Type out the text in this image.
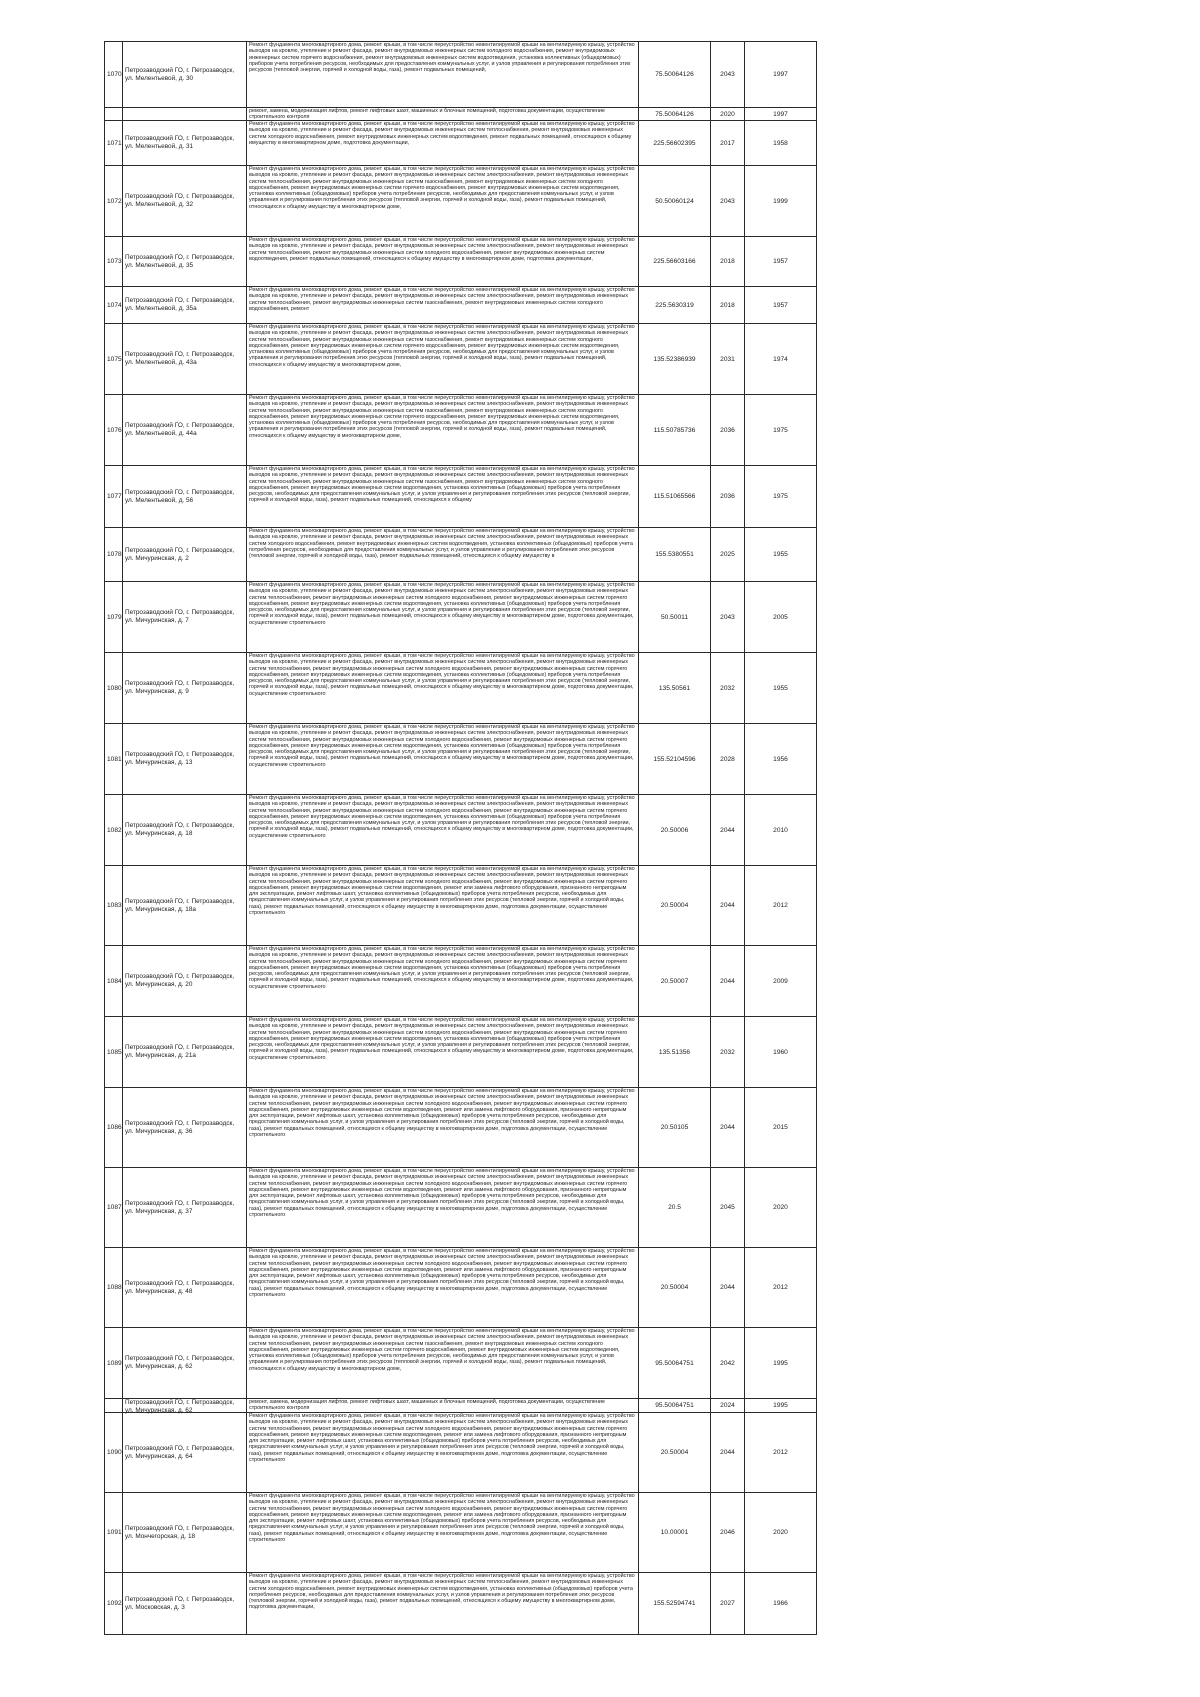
1070.	Петрозаводский ГО, г. Петрозаводск, ул. Мелентьевой, д. 30	Ремонт фундамента многоквартирного дома, ремонт крыши, в том числе переустройство невентилируемой крыши на вентилируемую крышу, устройство выходов на кровлю, утепление и ремонт фасада, ремонт внутридомовых инженерных систем холодного водоснабжения, ремонт внутридомовых инженерных систем горячего водоснабжения, ремонт внутридомовых инженерных систем водоотведения, установка коллективных (общедомовых) приборов учета потребления ресурсов, необходимых для предоставления коммунальных услуг, и узлов управления и регулирования потребления этих ресурсов (тепловой энергии, горячей и холодной воды, газа), ремонт подвальных помещений,	75.50064126	2043	1997

		ремонт, замена, модернизация лифтов, ремонт лифтовых шахт, машинных и блочных помещений, подготовка документации, осуществление строительного контроля	75.50064126	2020	1997

1071.	Петрозаводский ГО, г. Петрозаводск, ул. Мелентьевой, д. 31	Ремонт фундамента многоквартирного дома, ремонт крыши, в том числе переустройство невентилируемой крыши на вентилируемую крышу, устройство выходов на кровлю, утепление и ремонт фасада, ремонт внутридомовых инженерных систем теплоснабжения, ремонт внутридомовых инженерных систем холодного водоснабжения, ремонт внутридомовых инженерных систем водоотведения, ремонт подвальных помещений, относящихся к общему имуществу в многоквартирном доме, подготовка документации,	225.56602395	2017	1958

1072.	Петрозаводский ГО, г. Петрозаводск, ул. Мелентьевой, д. 32	Ремонт фундамента многоквартирного дома, ремонт крыши, в том числе переустройство невентилируемой крыши на вентилируемую крышу, устройство выходов на кровлю, утепление и ремонт фасада, ремонт внутридомовых инженерных систем электроснабжения, ремонт внутридомовых инженерных систем теплоснабжения, ремонт внутридомовых инженерных систем газоснабжения, ремонт внутридомовых инженерных систем холодного водоснабжения, ремонт внутридомовых инженерных систем горячего водоснабжения, ремонт внутридомовых инженерных систем водоотведения, установка коллективных (общедомовых) приборов учета потребления ресурсов, необходимых для предоставления коммунальных услуг, и узлов управления и регулирования потребления этих ресурсов (тепловой энергии, горячей и холодной воды, газа), ремонт подвальных помещений, относящихся к общему имуществу в многоквартирном доме,	50.50060124	2043	1999

1073.	Петрозаводский ГО, г. Петрозаводск, ул. Мелентьевой, д. 35	Ремонт фундамента многоквартирного дома, ремонт крыши, в том числе переустройство невентилируемой крыши на вентилируемую крышу, устройство выходов на кровлю, утепление и ремонт фасада, ремонт внутридомовых инженерных систем электроснабжения, ремонт внутридомовых инженерных систем теплоснабжения, ремонт внутридомовых инженерных систем холодного водоснабжения, ремонт внутридомовых инженерных систем водоотведения, ремонт подвальных помещений, относящихся к общему имуществу в многоквартирном доме, подготовка документации,	225.56603166	2018	1957

1074.	Петрозаводский ГО, г. Петрозаводск, ул. Мелентьевой, д. 35а	Ремонт фундамента многоквартирного дома, ремонт крыши, в том числе переустройство невентилируемой крыши на вентилируемую крышу, устройство выходов на кровлю, утепление и ремонт фасада, ремонт внутридомовых инженерных систем электроснабжения, ремонт внутридомовых инженерных систем теплоснабжения, ремонт внутридомовых инженерных систем газоснабжения, ремонт внутридомовых инженерных систем холодного водоснабжения, ремонт	225.5630319	2018	1957

1075.	Петрозаводский ГО, г. Петрозаводск, ул. Мелентьевой, д. 43а	Ремонт фундамента многоквартирного дома, ремонт крыши, в том числе переустройство невентилируемой крыши на вентилируемую крышу, устройство выходов на кровлю, утепление и ремонт фасада, ремонт внутридомовых инженерных систем электроснабжения, ремонт внутридомовых инженерных систем теплоснабжения, ремонт внутридомовых инженерных систем газоснабжения, ремонт внутридомовых инженерных систем холодного водоснабжения, ремонт внутридомовых инженерных систем горячего водоснабжения, ремонт внутридомовых инженерных систем водоотведения, установка коллективных (общедомовых) приборов учета потребления ресурсов, необходимых для предоставления коммунальных услуг, и узлов управления и регулирования потребления этих ресурсов (тепловой энергии, горячей и холодной воды, газа), ремонт подвальных помещений, относящихся к общему имуществу в многоквартирном доме,	135.52386939	2031	1974

1076.	Петрозаводский ГО, г. Петрозаводск, ул. Мелентьевой, д. 44а	Ремонт фундамента многоквартирного дома, ремонт крыши, в том числе переустройство невентилируемой крыши на вентилируемую крышу, устройство выходов на кровлю, утепление и ремонт фасада, ремонт внутридомовых инженерных систем электроснабжения, ремонт внутридомовых инженерных систем теплоснабжения, ремонт внутридомовых инженерных систем газоснабжения, ремонт внутридомовых инженерных систем холодного водоснабжения, ремонт внутридомовых инженерных систем горячего водоснабжения, ремонт внутридомовых инженерных систем водоотведения, установка коллективных (общедомовых) приборов учета потребления ресурсов, необходимых для предоставления коммунальных услуг, и узлов управления и регулирования потребления этих ресурсов (тепловой энергии, горячей и холодной воды, газа), ремонт подвальных помещений, относящихся к общему имуществу в многоквартирном доме,	115.50785736	2036	1975

1077.	Петрозаводский ГО, г. Петрозаводск, ул. Мелентьевой, д. 56	Ремонт фундамента многоквартирного дома, ремонт крыши, в том числе переустройство невентилируемой крыши на вентилируемую крышу, устройство выходов на кровлю, утепление и ремонт фасада, ремонт внутридомовых инженерных систем электроснабжения, ремонт внутридомовых инженерных систем теплоснабжения, ремонт внутридомовых инженерных систем газоснабжения, ремонт внутридомовых инженерных систем холодного водоснабжения, ремонт внутридомовых инженерных систем водоотведения, установка коллективных (общедомовых) приборов учета потребления ресурсов, необходимых для предоставления коммунальных услуг, и узлов управления и регулирования потребления этих ресурсов (тепловой энергии, горячей и холодной воды, газа), ремонт подвальных помещений, относящихся к общему	115.51065566	2036	1975

1078.	Петрозаводский ГО, г. Петрозаводск, ул. Мичуринская, д. 2	Ремонт фундамента многоквартирного дома, ремонт крыши, в том числе переустройство невентилируемой крыши на вентилируемую крышу, устройство выходов на кровлю, утепление и ремонт фасада, ремонт внутридомовых инженерных систем электроснабжения, ремонт внутридомовых инженерных систем холодного водоснабжения, ремонт внутридомовых инженерных систем водоотведения, установка коллективных (общедомовых) приборов учета потребления ресурсов, необходимых для предоставления коммунальных услуг, и узлов управления и регулирования потребления этих ресурсов (тепловой энергии, горячей и холодной воды, газа), ремонт подвальных помещений, относящихся к общему имуществу в	155.5380551	2025	1955

1079.	Петрозаводский ГО, г. Петрозаводск, ул. Мичуринская, д. 7	Ремонт фундамента многоквартирного дома, ремонт крыши, в том числе переустройство невентилируемой крыши на вентилируемую крышу, устройство выходов на кровлю, утепление и ремонт фасада, ремонт внутридомовых инженерных систем электроснабжения, ремонт внутридомовых инженерных систем теплоснабжения, ремонт внутридомовых инженерных систем холодного водоснабжения, ремонт внутридомовых инженерных систем горячего водоснабжения, ремонт внутридомовых инженерных систем водоотведения, установка коллективных (общедомовых) приборов учета потребления ресурсов, необходимых для предоставления коммунальных услуг, и узлов управления и регулирования потребления этих ресурсов (тепловой энергии, горячей и холодной воды, газа), ремонт подвальных помещений, относящихся к общему имуществу в многоквартирном доме, подготовка документации, осуществление строительного	50.50011	2043	2005

1080.	Петрозаводский ГО, г. Петрозаводск, ул. Мичуринская, д. 9	Ремонт фундамента многоквартирного дома, ремонт крыши, в том числе переустройство невентилируемой крыши на вентилируемую крышу, устройство выходов на кровлю, утепление и ремонт фасада, ремонт внутридомовых инженерных систем электроснабжения, ремонт внутридомовых инженерных систем теплоснабжения, ремонт внутридомовых инженерных систем холодного водоснабжения, ремонт внутридомовых инженерных систем горячего водоснабжения, ремонт внутридомовых инженерных систем водоотведения, установка коллективных (общедомовых) приборов учета потребления ресурсов, необходимых для предоставления коммунальных услуг, и узлов управления и регулирования потребления этих ресурсов (тепловой энергии, горячей и холодной воды, газа), ремонт подвальных помещений, относящихся к общему имуществу в многоквартирном доме, подготовка документации, осуществление строительного	135.50561	2032	1955

1081.	Петрозаводский ГО, г. Петрозаводск, ул. Мичуринская, д. 13	Ремонт фундамента многоквартирного дома, ремонт крыши, в том числе переустройство невентилируемой крыши на вентилируемую крышу, устройство выходов на кровлю, утепление и ремонт фасада, ремонт внутридомовых инженерных систем электроснабжения, ремонт внутридомовых инженерных систем теплоснабжения, ремонт внутридомовых инженерных систем холодного водоснабжения, ремонт внутридомовых инженерных систем горячего водоснабжения, ремонт внутридомовых инженерных систем водоотведения, установка коллективных (общедомовых) приборов учета потребления ресурсов, необходимых для предоставления коммунальных услуг, и узлов управления и регулирования потребления этих ресурсов (тепловой энергии, горячей и холодной воды, газа), ремонт подвальных помещений, относящихся к общему имуществу в многоквартирном доме, подготовка документации, осуществление строительного	155.52104596	2028	1956

1082.	Петрозаводский ГО, г. Петрозаводск, ул. Мичуринская, д. 18	Ремонт фундамента многоквартирного дома, ремонт крыши, в том числе переустройство невентилируемой крыши на вентилируемую крышу, устройство выходов на кровлю, утепление и ремонт фасада, ремонт внутридомовых инженерных систем электроснабжения, ремонт внутридомовых инженерных систем теплоснабжения, ремонт внутридомовых инженерных систем холодного водоснабжения, ремонт внутридомовых инженерных систем горячего водоснабжения, ремонт внутридомовых инженерных систем водоотведения, установка коллективных (общедомовых) приборов учета потребления ресурсов, необходимых для предоставления коммунальных услуг, и узлов управления и регулирования потребления этих ресурсов (тепловой энергии, горячей и холодной воды, газа), ремонт подвальных помещений, относящихся к общему имуществу в многоквартирном доме, подготовка документации, осуществление строительного	20.50006	2044	2010

1083.	Петрозаводский ГО, г. Петрозаводск, ул. Мичуринская, д. 18а	Ремонт фундамента многоквартирного дома, ремонт крыши, в том числе переустройство невентилируемой крыши на вентилируемую крышу, устройство выходов на кровлю, утепление и ремонт фасада, ремонт внутридомовых инженерных систем электроснабжения, ремонт внутридомовых инженерных систем теплоснабжения, ремонт внутридомовых инженерных систем холодного водоснабжения, ремонт внутридомовых инженерных систем горячего водоснабжения, ремонт внутридомовых инженерных систем водоотведения, ремонт или замена лифтового оборудования, признанного непригодным для эксплуатации, ремонт лифтовых шахт, установка коллективных (общедомовых) приборов учета потребления ресурсов, необходимых для предоставления коммунальных услуг, и узлов управления и регулирования потребления этих ресурсов (тепловой энергии, горячей и холодной воды, газа), ремонт подвальных помещений, относящихся к общему имуществу в многоквартирном доме, подготовка документации, осуществление строительного	20.50004	2044	2012

1084.	Петрозаводский ГО, г. Петрозаводск, ул. Мичуринская, д. 20	Ремонт фундамента многоквартирного дома, ремонт крыши, в том числе переустройство невентилируемой крыши на вентилируемую крышу, устройство выходов на кровлю, утепление и ремонт фасада, ремонт внутридомовых инженерных систем электроснабжения, ремонт внутридомовых инженерных систем теплоснабжения, ремонт внутридомовых инженерных систем холодного водоснабжения, ремонт внутридомовых инженерных систем горячего водоснабжения, ремонт внутридомовых инженерных систем водоотведения, установка коллективных (общедомовых) приборов учета потребления ресурсов, необходимых для предоставления коммунальных услуг, и узлов управления и регулирования потребления этих ресурсов (тепловой энергии, горячей и холодной воды, газа), ремонт подвальных помещений, относящихся к общему имуществу в многоквартирном доме, подготовка документации, осуществление строительного	20.50007	2044	2009

1085.	Петрозаводский ГО, г. Петрозаводск, ул. Мичуринская, д. 21а	Ремонт фундамента многоквартирного дома, ремонт крыши, в том числе переустройство невентилируемой крыши на вентилируемую крышу, устройство выходов на кровлю, утепление и ремонт фасада, ремонт внутридомовых инженерных систем электроснабжения, ремонт внутридомовых инженерных систем теплоснабжения, ремонт внутридомовых инженерных систем холодного водоснабжения, ремонт внутридомовых инженерных систем горячего водоснабжения, ремонт внутридомовых инженерных систем водоотведения, установка коллективных (общедомовых) приборов учета потребления ресурсов, необходимых для предоставления коммунальных услуг, и узлов управления и регулирования потребления этих ресурсов (тепловой энергии, горячей и холодной воды, газа), ремонт подвальных помещений, относящихся к общему имуществу в многоквартирном доме, подготовка документации, осуществление строительного	135.51356	2032	1960

1086.	Петрозаводский ГО, г. Петрозаводск, ул. Мичуринская, д. 36	Ремонт фундамента многоквартирного дома, ремонт крыши, в том числе переустройство невентилируемой крыши на вентилируемую крышу, устройство выходов на кровлю, утепление и ремонт фасада, ремонт внутридомовых инженерных систем электроснабжения, ремонт внутридомовых инженерных систем теплоснабжения, ремонт внутридомовых инженерных систем холодного водоснабжения, ремонт внутридомовых инженерных систем горячего водоснабжения, ремонт внутридомовых инженерных систем водоотведения, ремонт или замена лифтового оборудования, признанного непригодным для эксплуатации, ремонт лифтовых шахт, установка коллективных (общедомовых) приборов учета потребления ресурсов, необходимых для предоставления коммунальных услуг, и узлов управления и регулирования потребления этих ресурсов (тепловой энергии, горячей и холодной воды, газа), ремонт подвальных помещений, относящихся к общему имуществу в многоквартирном доме, подготовка документации, осуществление строительного	20.50105	2044	2015

1087.	Петрозаводский ГО, г. Петрозаводск, ул. Мичуринская, д. 37	Ремонт фундамента многоквартирного дома, ремонт крыши, в том числе переустройство невентилируемой крыши на вентилируемую крышу, устройство выходов на кровлю, утепление и ремонт фасада, ремонт внутридомовых инженерных систем электроснабжения, ремонт внутридомовых инженерных систем теплоснабжения, ремонт внутридомовых инженерных систем холодного водоснабжения, ремонт внутридомовых инженерных систем горячего водоснабжения, ремонт внутридомовых инженерных систем водоотведения, ремонт или замена лифтового оборудования, признанного непригодным для эксплуатации, ремонт лифтовых шахт, установка коллективных (общедомовых) приборов учета потребления ресурсов, необходимых для предоставления коммунальных услуг, и узлов управления и регулирования потребления этих ресурсов (тепловой энергии, горячей и холодной воды, газа), ремонт подвальных помещений, относящихся к общему имуществу в многоквартирном доме, подготовка документации, осуществление строительного	20.5	2045	2020

1088.	Петрозаводский ГО, г. Петрозаводск, ул. Мичуринская, д. 48	Ремонт фундамента многоквартирного дома, ремонт крыши, в том числе переустройство невентилируемой крыши на вентилируемую крышу, устройство выходов на кровлю, утепление и ремонт фасада, ремонт внутридомовых инженерных систем электроснабжения, ремонт внутридомовых инженерных систем теплоснабжения, ремонт внутридомовых инженерных систем холодного водоснабжения, ремонт внутридомовых инженерных систем горячего водоснабжения, ремонт внутридомовых инженерных систем водоотведения, ремонт или замена лифтового оборудования, признанного непригодным для эксплуатации, ремонт лифтовых шахт, установка коллективных (общедомовых) приборов учета потребления ресурсов, необходимых для предоставления коммунальных услуг, и узлов управления и регулирования потребления этих ресурсов (тепловой энергии, горячей и холодной воды, газа), ремонт подвальных помещений, относящихся к общему имуществу в многоквартирном доме, подготовка документации, осуществление строительного	20.50004	2044	2012

1089.	Петрозаводский ГО, г. Петрозаводск, ул. Мичуринская, д. 62	Ремонт фундамента многоквартирного дома, ремонт крыши, в том числе переустройство невентилируемой крыши на вентилируемую крышу, устройство выходов на кровлю, утепление и ремонт фасада, ремонт внутридомовых инженерных систем электроснабжения, ремонт внутридомовых инженерных систем теплоснабжения, ремонт внутридомовых инженерных систем газоснабжения, ремонт внутридомовых инженерных систем холодного водоснабжения, ремонт внутридомовых инженерных систем горячего водоснабжения, ремонт внутридомовых инженерных систем водоотведения, установка коллективных (общедомовых) приборов учета потребления ресурсов, необходимых для предоставления коммунальных услуг, и узлов управления и регулирования потребления этих ресурсов (тепловой энергии, горячей и холодной воды, газа), ремонт подвальных помещений, относящихся к общему имуществу в многоквартирном доме,	95.50064751	2042	1995

	Петрозаводский ГО, г. Петрозаводск, ул. Мичуринская, д. 62	ремонт, замена, модернизация лифтов, ремонт лифтовых шахт, машинных и блочных помещений, подготовка документации, осуществление строительного контроля	95.50064751	2024	1995

1090.	Петрозаводский ГО, г. Петрозаводск, ул. Мичуринская, д. 64	Ремонт фундамента многоквартирного дома, ремонт крыши, в том числе переустройство невентилируемой крыши на вентилируемую крышу, устройство выходов на кровлю, утепление и ремонт фасада, ремонт внутридомовых инженерных систем электроснабжения, ремонт внутридомовых инженерных систем теплоснабжения, ремонт внутридомовых инженерных систем холодного водоснабжения, ремонт внутридомовых инженерных систем горячего водоснабжения, ремонт внутридомовых инженерных систем водоотведения, ремонт или замена лифтового оборудования, признанного непригодным для эксплуатации, ремонт лифтовых шахт, установка коллективных (общедомовых) приборов учета потребления ресурсов, необходимых для предоставления коммунальных услуг, и узлов управления и регулирования потребления этих ресурсов (тепловой энергии, горячей и холодной воды, газа), ремонт подвальных помещений, относящихся к общему имуществу в многоквартирном доме, подготовка документации, осуществление строительного	20.50004	2044	2012

1091.	Петрозаводский ГО, г. Петрозаводск, ул. Мончегорская, д. 18	Ремонт фундамента многоквартирного дома, ремонт крыши, в том числе переустройство невентилируемой крыши на вентилируемую крышу, устройство выходов на кровлю, утепление и ремонт фасада, ремонт внутридомовых инженерных систем электроснабжения, ремонт внутридомовых инженерных систем теплоснабжения, ремонт внутридомовых инженерных систем холодного водоснабжения, ремонт внутридомовых инженерных систем горячего водоснабжения, ремонт внутридомовых инженерных систем водоотведения, ремонт или замена лифтового оборудования, признанного непригодным для эксплуатации, ремонт лифтовых шахт, установка коллективных (общедомовых) приборов учета потребления ресурсов, необходимых для предоставления коммунальных услуг, и узлов управления и регулирования потребления этих ресурсов (тепловой энергии, горячей и холодной воды, газа), ремонт подвальных помещений, относящихся к общему имуществу в многоквартирном доме, подготовка документации, осуществление строительного	10.00001	2046	2020

1092.	Петрозаводский ГО, г. Петрозаводск, ул. Московская, д. 3	Ремонт фундамента многоквартирного дома, ремонт крыши, в том числе переустройство невентилируемой крыши на вентилируемую крышу, устройство выходов на кровлю, утепление и ремонт фасада, ремонт внутридомовых инженерных систем теплоснабжения, ремонт внутридомовых инженерных систем холодного водоснабжения, ремонт внутридомовых инженерных систем водоотведения, установка коллективных (общедомовых) приборов учета потребления ресурсов, необходимых для предоставления коммунальных услуг, и узлов управления и регулирования потребления этих ресурсов (тепловой энергии, горячей и холодной воды, газа), ремонт подвальных помещений, относящихся к общему имуществу в многоквартирном доме, подготовка документации,	155.52594741	2027	1966
